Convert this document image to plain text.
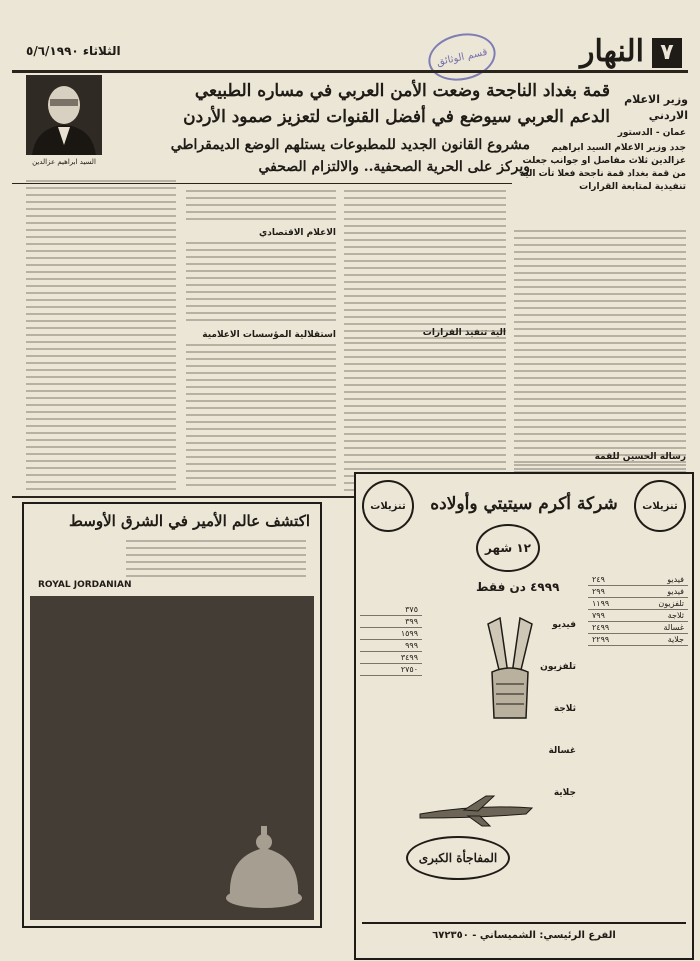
٧
النهار
الثلاثاء ٥/٦/١٩٩٠	قسم الوثائق
وزير الاعلام الاردني
قمة بغداد الناجحة وضعت الأمن العربي في مساره الطبيعي
الدعم العربي سيوضع في أفضل القنوات لتعزيز صمود الأردن
مشروع القانون الجديد للمطبوعات يستلهم الوضع الديمقراطي
ويركز على الحرية الصحفية.. والالتزام الصحفي
السيد ابراهيم عزالدين
عمان - الدستور
جدد وزير الاعلام السيد ابراهيم عزالدين ثلاث مفاصل او جوانب جعلت من قمة بغداد قمة ناجحة فعلا تأت الية تنفيذية لمتابعة القرارات
رسالة الحسين للقمة
الية تنفيذ القرارات
الاعلام الاقتصادي
استقلالية المؤسسات الاعلامية
اكتشف عالم الأمير في الشرق الأوسط
ROYAL JORDANIAN
تنزيلات	تنزيلات
شركة أكرم سيتيتي وأولاده
١٢ شهر
٤٩٩٩ دن فقط
فيديو
٢٤٩
فيديو
٢٩٩
تلفزيون
١١٩٩
ثلاجة
٧٩٩
غسالة
٢٤٩٩
جلاية
٢٢٩٩
٣٧٥
٣٩٩
١٥٩٩
٩٩٩
٣٤٩٩
٢٧٥٠
فيديو
تلفزيون
ثلاجة
غسالة
جلاية
المفاجأة الكبرى
الفرع الرئيسي: الشميساني - ٦٧٢٣٥٠
